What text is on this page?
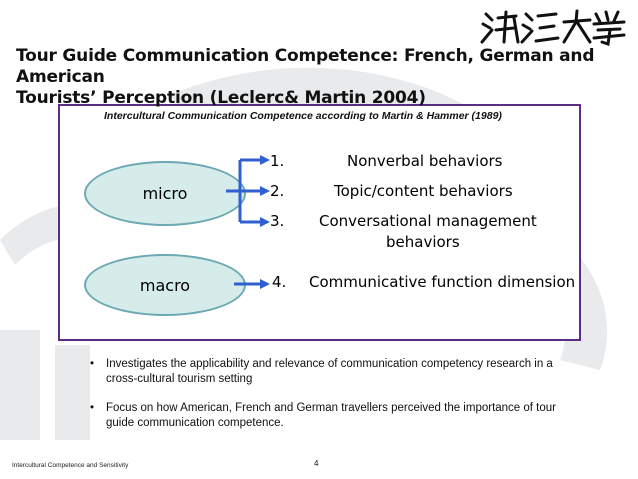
Tour Guide Communication Competence: French, German and American
Tourists’ Perception (Leclerc& Martin 2004)
Intercultural Communication Competence according to Martin & Hammer (1989)
micro
macro
1.	Nonverbal behaviors
2.	Topic/content behaviors
3. Conversational management
behaviors
4. Communicative function dimension
•	Investigates the applicability and relevance of communication competency research in a cross-cultural tourism setting
•	Focus on how American, French and German travellers perceived the importance of tour guide communication competence.
Intercultural Competence and Sensitivity	4
